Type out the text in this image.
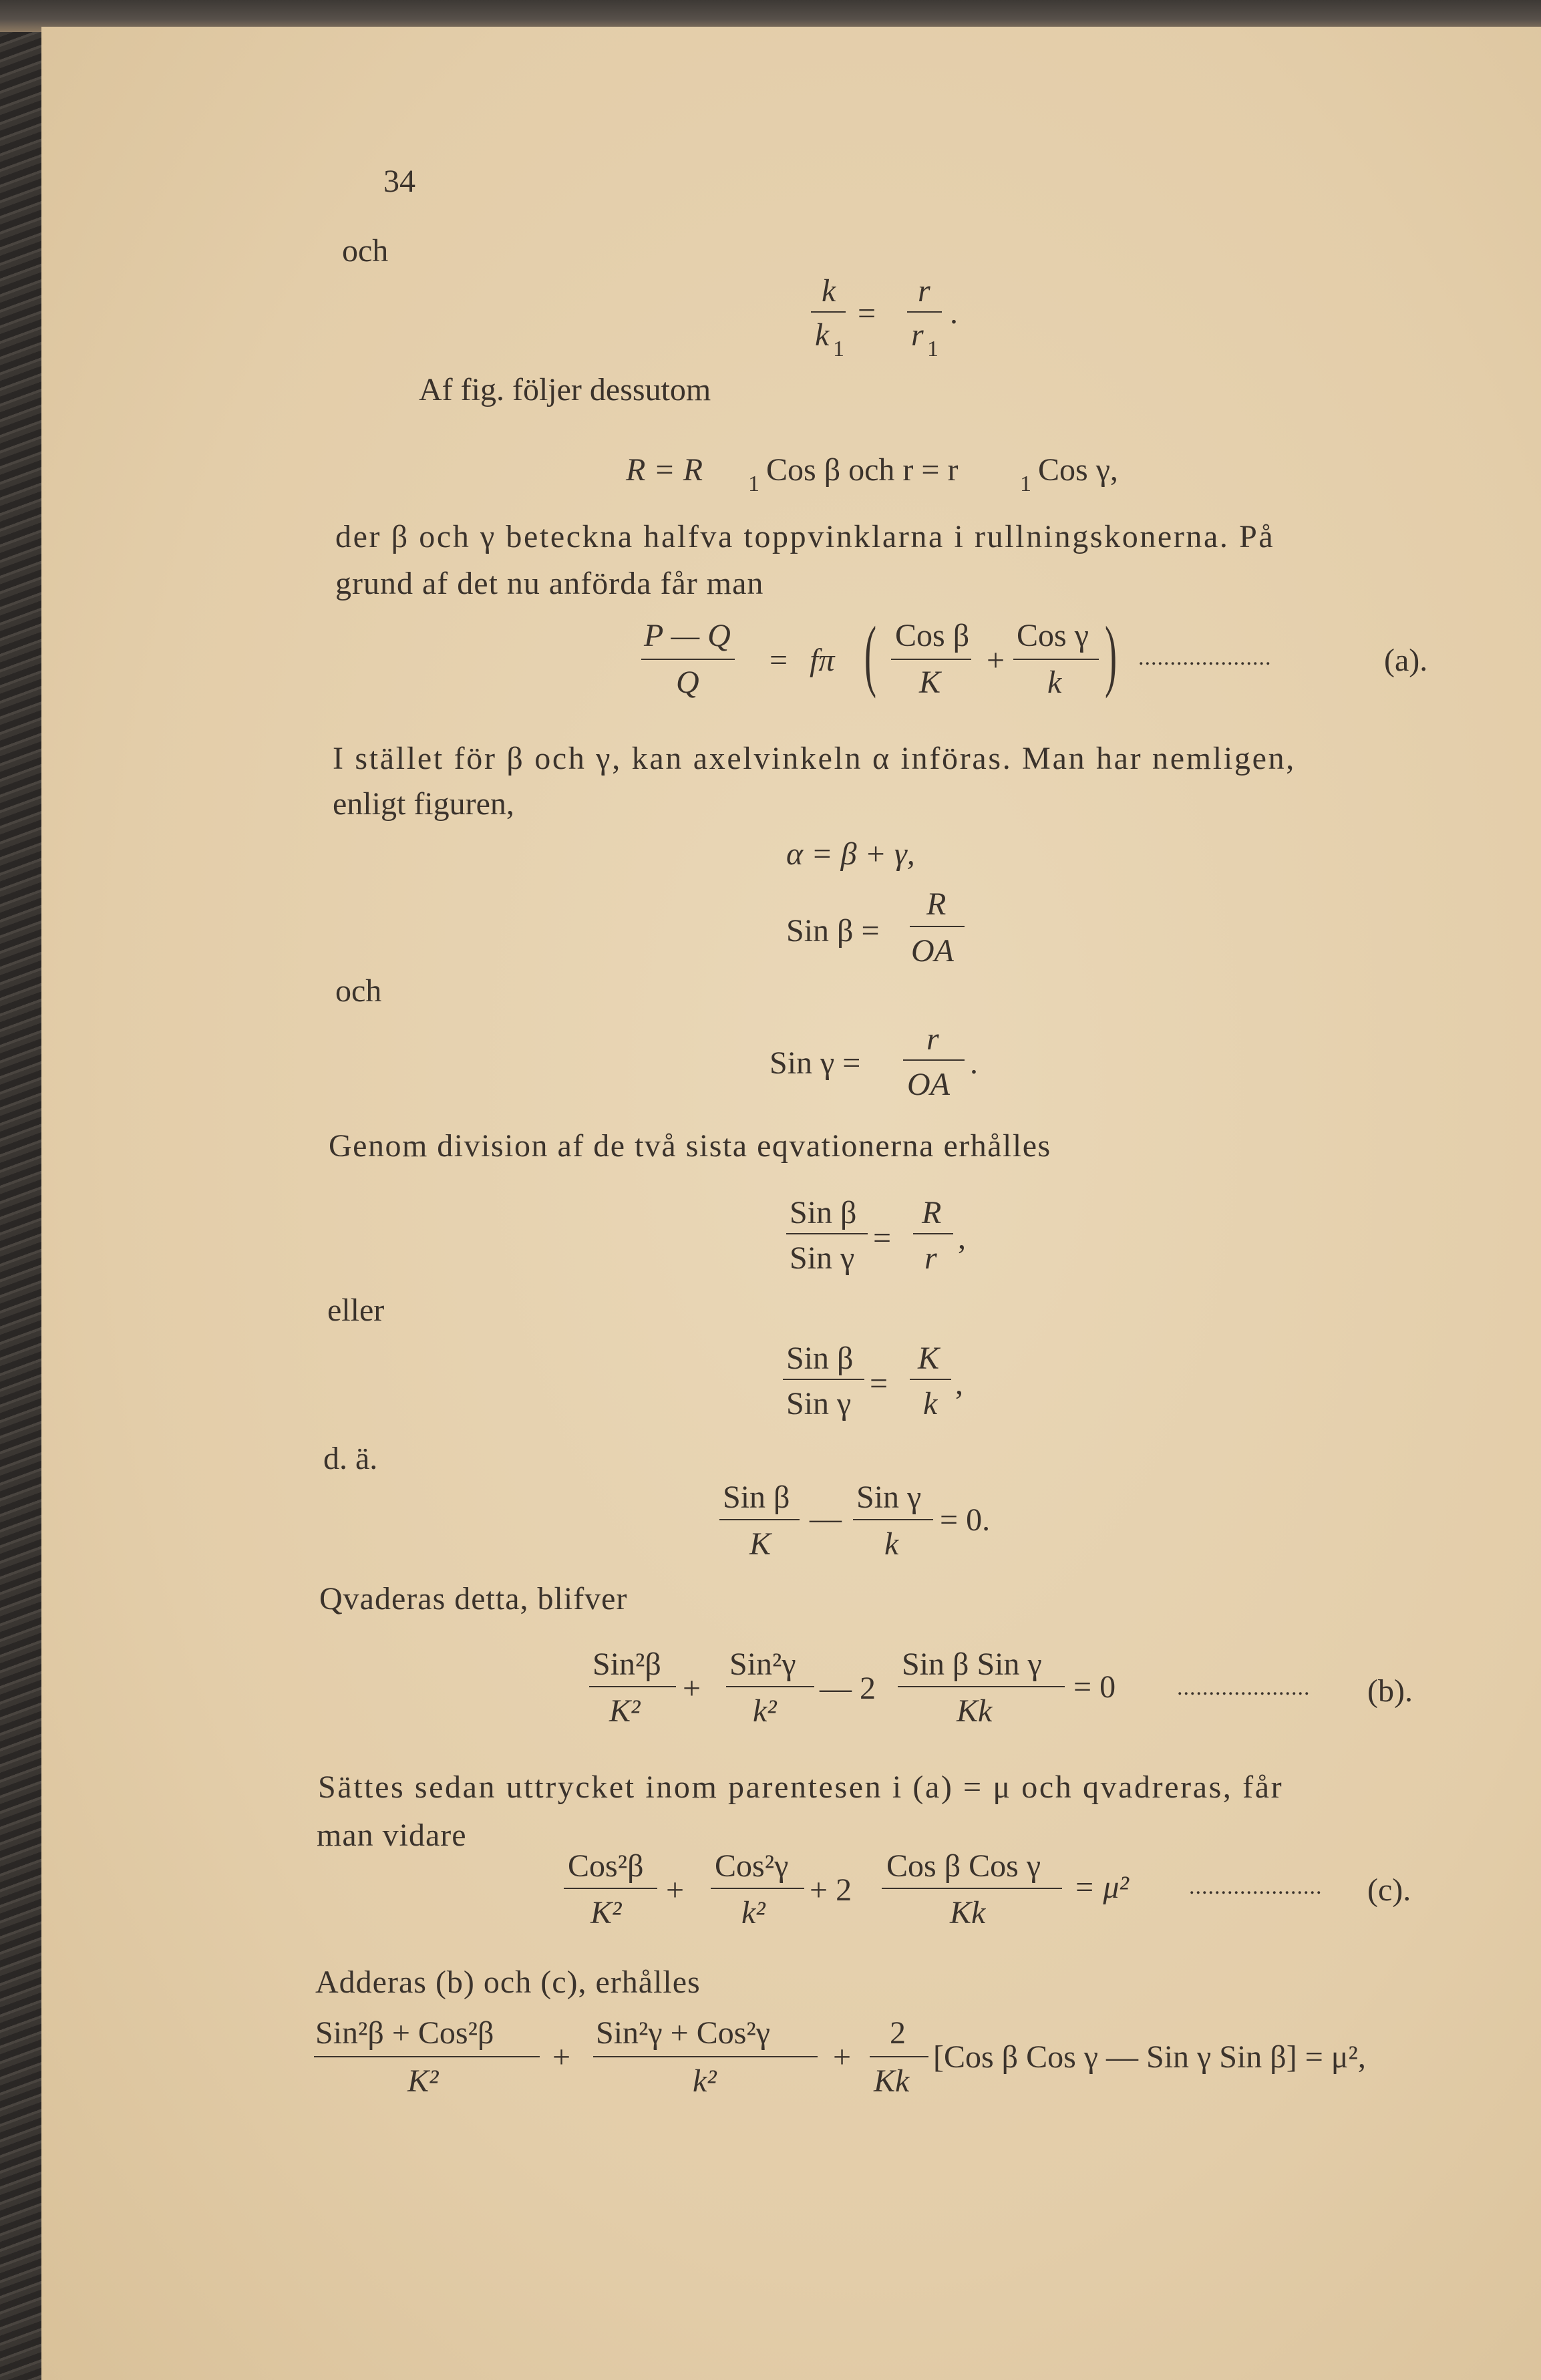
34
och
k
k 1
=
r
r 1
.
Af fig. följer dessutom
R = R 1 Cos β och r = r	1 Cos γ,
der β och γ beteckna halfva toppvinklarna i rullningskonerna. På
grund af det nu anförda får man
P — Q
Q
= fπ ( Cos β
K
+
Cos γ
k ) .....................	(a).
I stället för β och γ, kan axelvinkeln α införas. Man har nemligen,
enligt figuren,
α = β + γ,
Sin β =
R
OA
och
Sin γ =
r
OA
.
Genom division af de två sista eqvationerna erhålles
Sin β
Sin γ
=
R
r
,
eller
Sin β
Sin γ
=
K
k
,
d. ä.
Sin β
K
—
Sin γ
k
= 0.
Qvaderas detta, blifver
Sin²β
K²
+
Sin²γ
k²
— 2
Sin β Sin γ
Kk
= 0	..................... (b).
Sättes sedan uttrycket inom parentesen i (a) = μ och qvadreras, får
man vidare
Cos²β
K²
+
Cos²γ
k²
+ 2
Cos β Cos γ
Kk
= μ²	..................... (c).
Adderas (b) och (c), erhålles
Sin²β + Cos²β
K²
+
Sin²γ + Cos²γ
k²
+
2
Kk
[Cos β Cos γ — Sin γ Sin β] = μ²,
